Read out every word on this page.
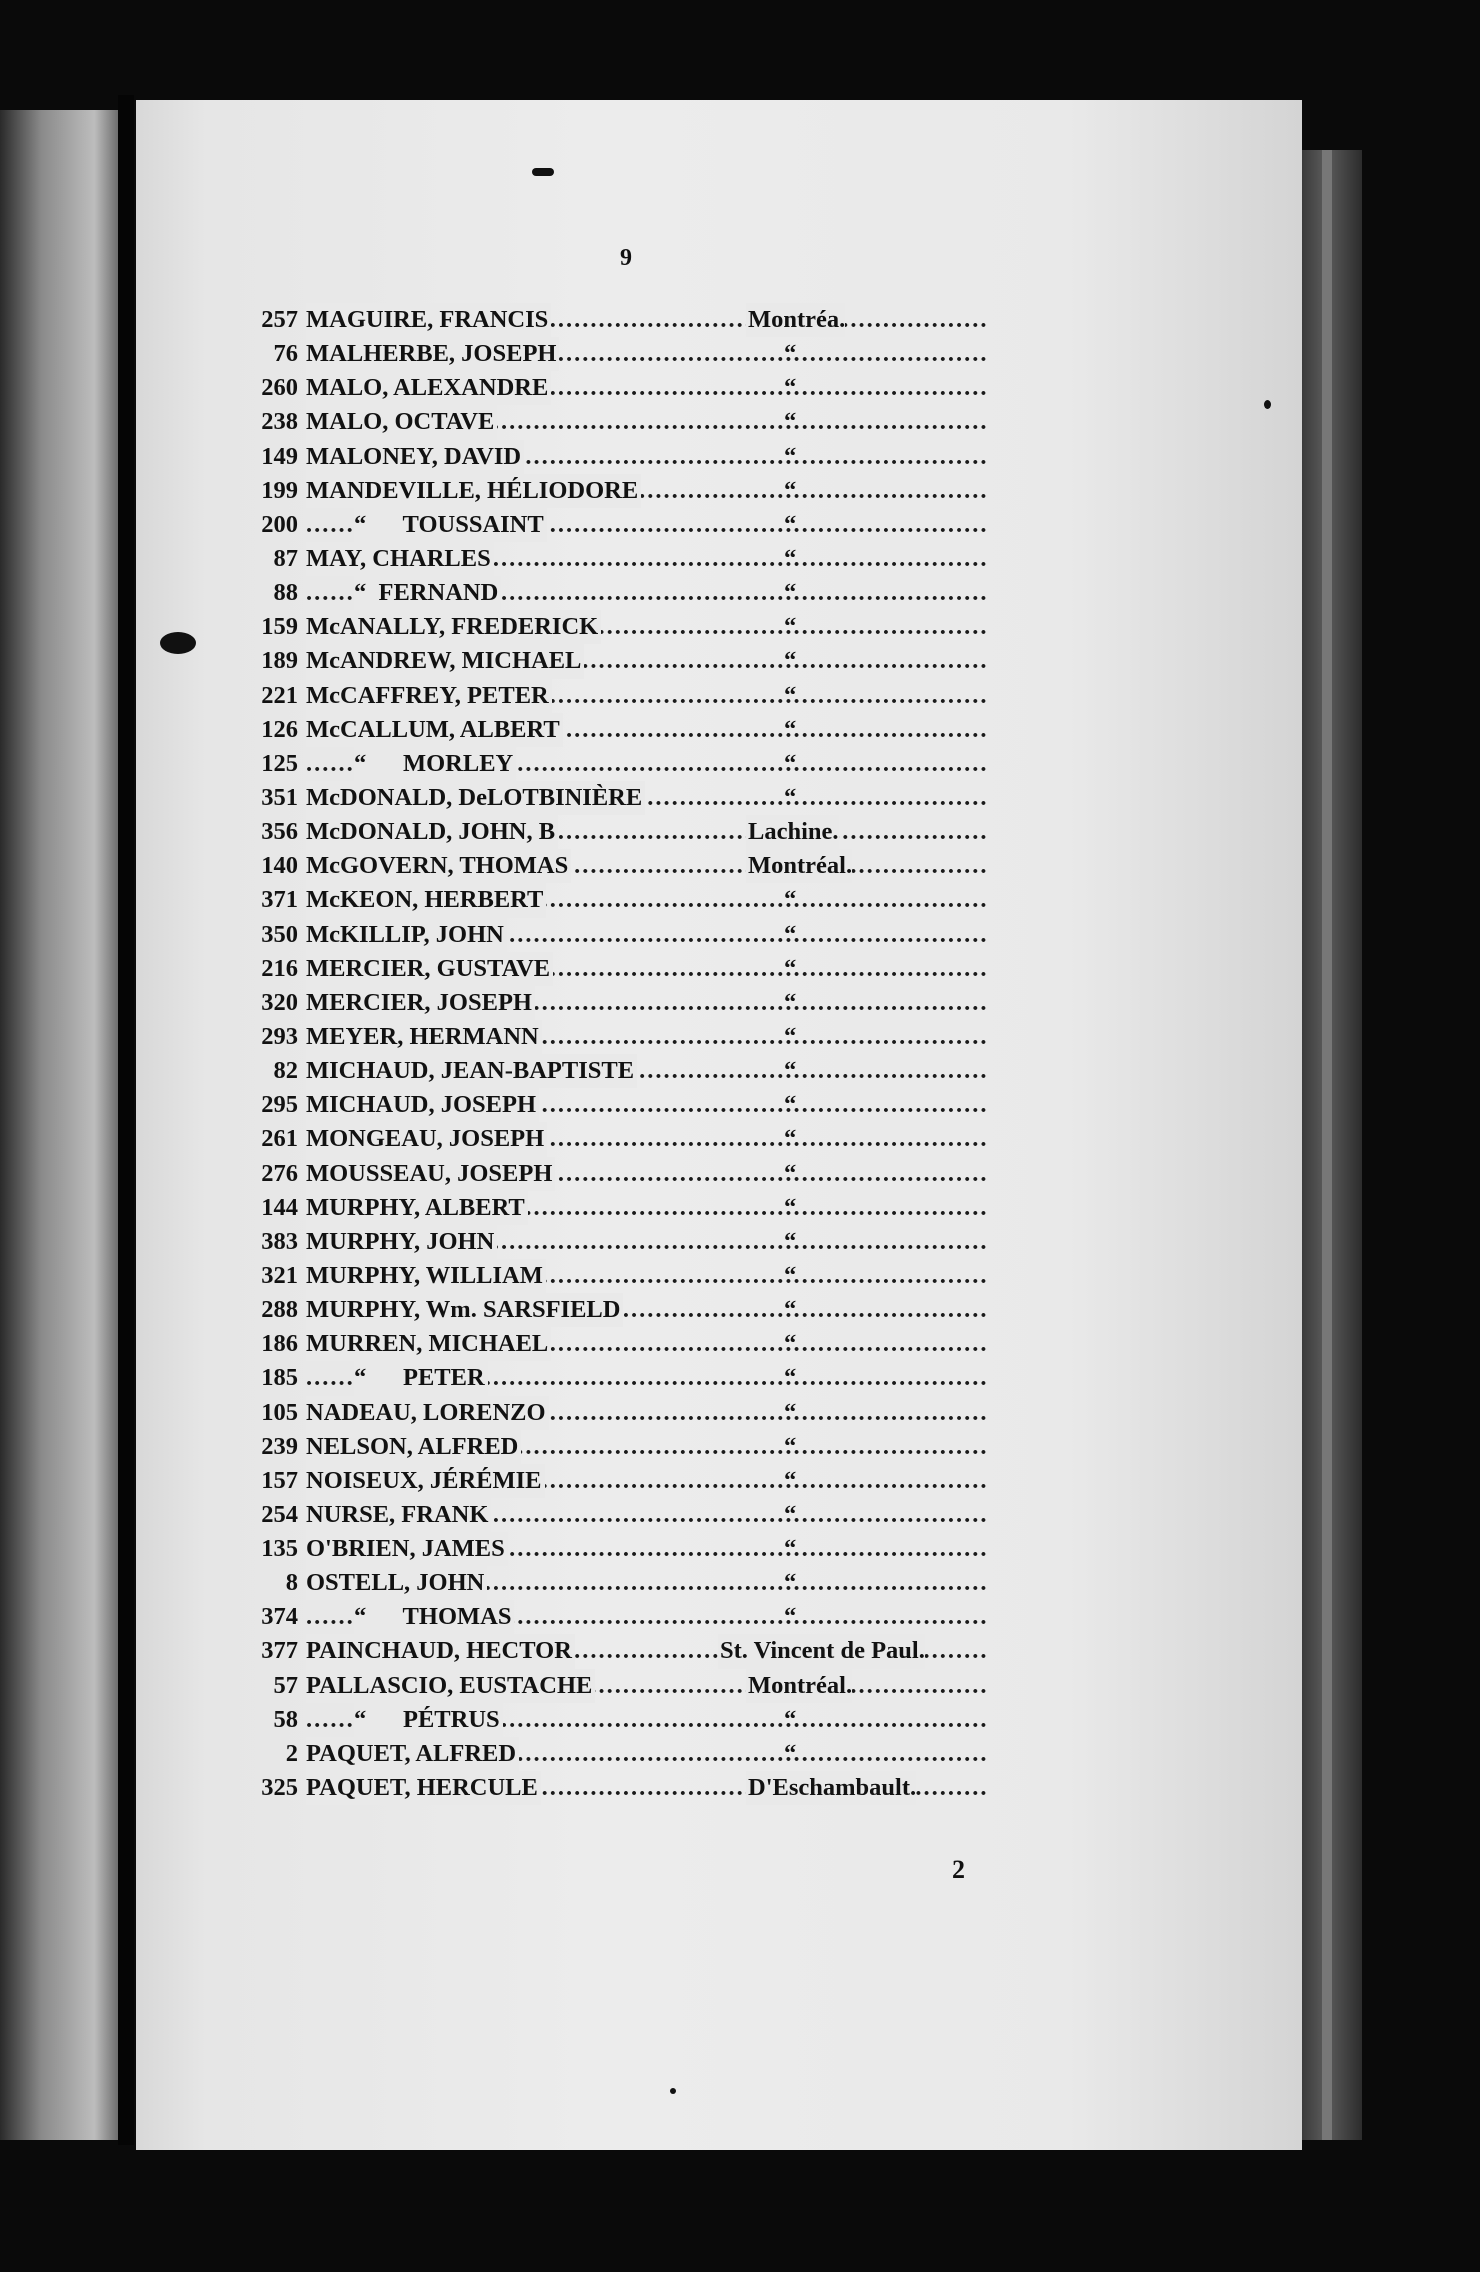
9
257 ..... MAGUIRE, FRANCIS	Montréa.
76 ..... MALHERBE, JOSEPH	“
260 ..... MALO, ALEXANDRE	“
238 ..... MALO, OCTAVE	“
149 ..... MALONEY, DAVID	“
199 ..... MANDEVILLE, HÉLIODORE	“
200 ..... “      TOUSSAINT	“
87 ..... MAY, CHARLES	“
88 ..... “  FERNAND	“
159 ..... McANALLY, FREDERICK	“
189 ..... McANDREW, MICHAEL	“
221 ..... McCAFFREY, PETER	“
126 ..... McCALLUM, ALBERT	“
125 ..... “      MORLEY	“
351 ..... McDONALD, DeLOTBINIÈRE	“
356 ..... McDONALD, JOHN, B	Lachine.
140 ..... McGOVERN, THOMAS	Montréal.
371 ..... McKEON, HERBERT	“
350 ..... McKILLIP, JOHN	“
216 ..... MERCIER, GUSTAVE	“
320 ..... MERCIER, JOSEPH	“
293 ..... MEYER, HERMANN	“
82 ..... MICHAUD, JEAN-BAPTISTE	“
295 ..... MICHAUD, JOSEPH	“
261 ..... MONGEAU, JOSEPH	“
276 ..... MOUSSEAU, JOSEPH	“
144 ..... MURPHY, ALBERT	“
383 ..... MURPHY, JOHN	“
321 ..... MURPHY, WILLIAM	“
288 ..... MURPHY, Wm. SARSFIELD	“
186 ..... MURREN, MICHAEL	“
185 ..... “      PETER	“
105 ..... NADEAU, LORENZO	“
239 ..... NELSON, ALFRED	“
157 ..... NOISEUX, JÉRÉMIE	“
254 ..... NURSE, FRANK	“
135 ..... O'BRIEN, JAMES	“
8 ..... OSTELL, JOHN	“
374 ..... “      THOMAS	“
377 ..... PAINCHAUD, HECTOR	St. Vincent de Paul.
57 ..... PALLASCIO, EUSTACHE	Montréal.
58 ..... “      PÉTRUS	“
2 ..... PAQUET, ALFRED	“
325 ..... PAQUET, HERCULE	D'Eschambault.
2
